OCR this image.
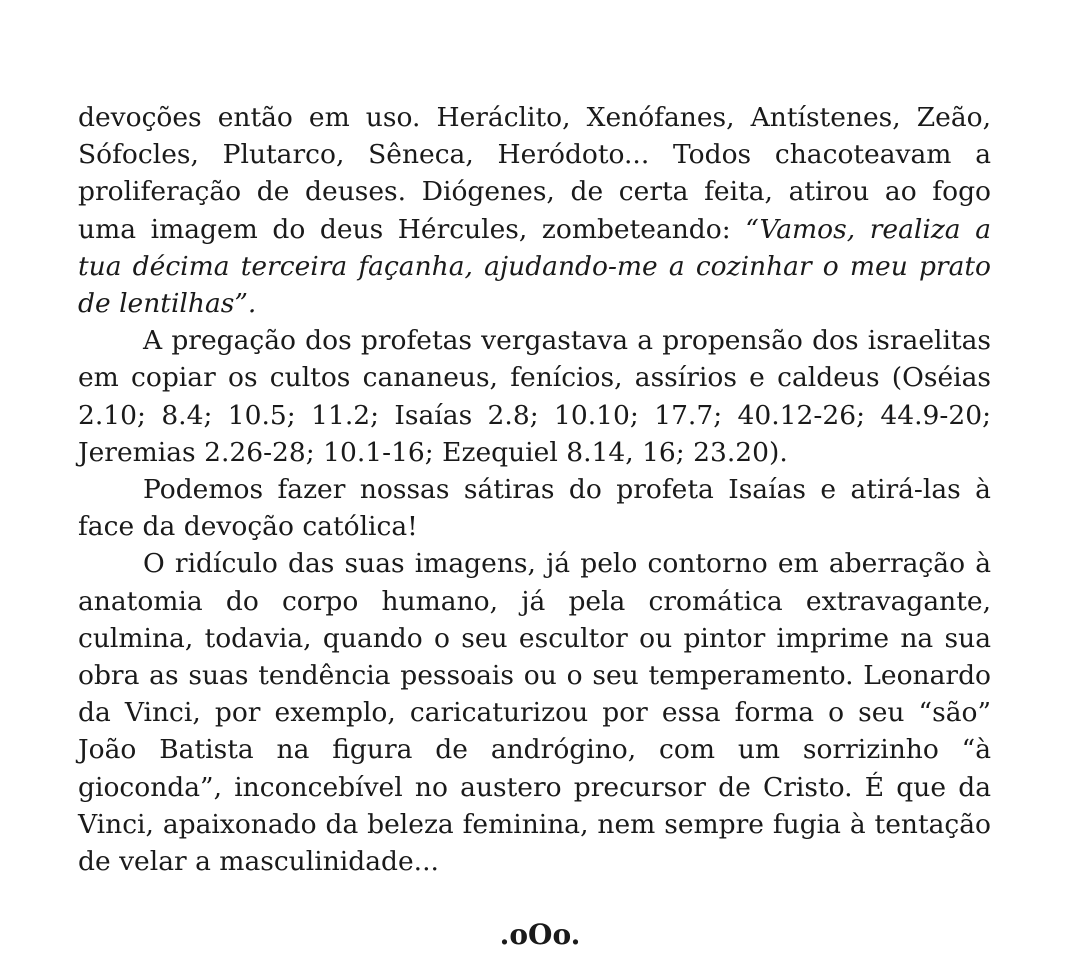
devoções então em uso. Heráclito, Xenófanes, Antístenes, Zeão, Sófocles, Plutarco, Sêneca, Heródoto... Todos chacoteavam a proliferação de deuses. Diógenes, de certa feita, atirou ao fogo uma imagem do deus Hércules, zombeteando: “Vamos, realiza a tua décima terceira façanha, ajudando-me a cozinhar o meu prato de lentilhas”.

A pregação dos profetas vergastava a propensão dos israelitas em copiar os cultos cananeus, fenícios, assírios e caldeus (Oséias 2.10; 8.4; 10.5; 11.2; Isaías 2.8; 10.10; 17.7; 40.12-26; 44.9-20; Jeremias 2.26-28; 10.1-16; Ezequiel 8.14, 16; 23.20).

Podemos fazer nossas sátiras do profeta Isaías e atirá-las à face da devoção católica!

O ridículo das suas imagens, já pelo contorno em aberração à anatomia do corpo humano, já pela cromática extravagante, culmina, todavia, quando o seu escultor ou pintor imprime na sua obra as suas tendência pessoais ou o seu temperamento. Leonardo da Vinci, por exemplo, caricaturizou por essa forma o seu “são” João Batista na figura de andrógino, com um sorrizinho “à gioconda”, inconcebível no austero precursor de Cristo. É que da Vinci, apaixonado da beleza feminina, nem sempre fugia à tentação de velar a masculinidade...

.oOo.
